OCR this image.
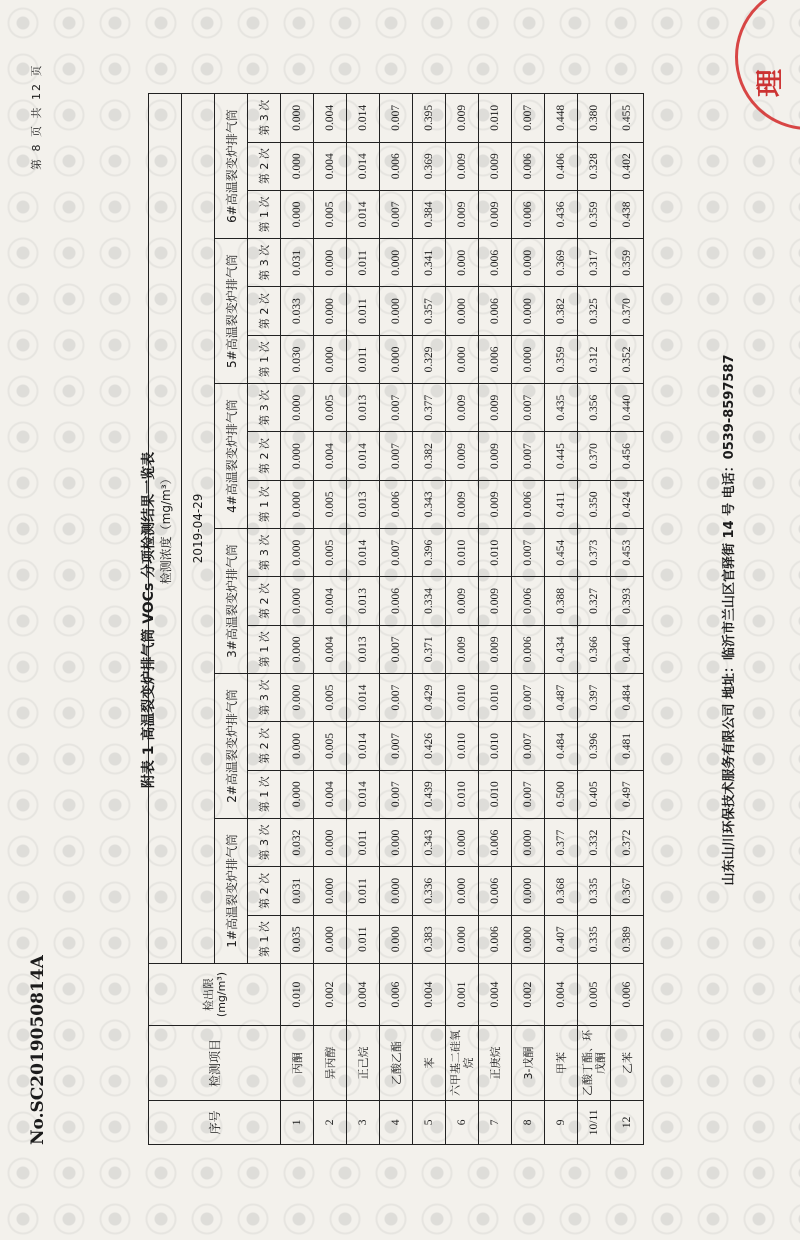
No.SC2019050814A
第 8 页 共 12 页
附表 1 高温裂变炉排气筒 VOCs 分项检测结果一览表
序号	检测项目	检出限 (mg/m³)	检测浓度（mg/m³）																	
			2019-04-29																	
			1#高温裂变炉排气筒			2#高温裂变炉排气筒			3#高温裂变炉排气筒			4#高温裂变炉排气筒			5#高温裂变炉排气筒			6#高温裂变炉排气筒		
			第 1 次	第 2 次	第 3 次	第 1 次	第 2 次	第 3 次	第 1 次	第 2 次	第 3 次	第 1 次	第 2 次	第 3 次	第 1 次	第 2 次	第 3 次	第 1 次	第 2 次	第 3 次
1	丙酮	0.010	0.035	0.031	0.032	0.000	0.000	0.000	0.000	0.000	0.000	0.000	0.000	0.000	0.030	0.033	0.031	0.000	0.000	0.000
2	异丙醇	0.002	0.000	0.000	0.000	0.004	0.005	0.005	0.004	0.004	0.005	0.005	0.004	0.005	0.000	0.000	0.000	0.005	0.004	0.004
3	正己烷	0.004	0.011	0.011	0.011	0.014	0.014	0.014	0.013	0.013	0.014	0.013	0.014	0.013	0.011	0.011	0.011	0.014	0.014	0.014
4	乙酸乙酯	0.006	0.000	0.000	0.000	0.007	0.007	0.007	0.007	0.006	0.007	0.006	0.007	0.007	0.000	0.000	0.000	0.007	0.006	0.007
5	苯	0.004	0.383	0.336	0.343	0.439	0.426	0.429	0.371	0.334	0.396	0.343	0.382	0.377	0.329	0.357	0.341	0.384	0.369	0.395
6	六甲基二硅氧烷	0.001	0.000	0.000	0.000	0.010	0.010	0.010	0.009	0.009	0.010	0.009	0.009	0.009	0.000	0.000	0.000	0.009	0.009	0.009
7	正庚烷	0.004	0.006	0.006	0.006	0.010	0.010	0.010	0.009	0.009	0.010	0.009	0.009	0.009	0.006	0.006	0.006	0.009	0.009	0.010
8	3-戊酮	0.002	0.000	0.000	0.000	0.007	0.007	0.007	0.006	0.006	0.007	0.006	0.007	0.007	0.000	0.000	0.000	0.006	0.006	0.007
9	甲苯	0.004	0.407	0.368	0.377	0.500	0.484	0.487	0.434	0.388	0.454	0.411	0.445	0.435	0.359	0.382	0.369	0.436	0.406	0.448
10/11	乙酸丁酯、环戊酮	0.005	0.335	0.335	0.332	0.405	0.396	0.397	0.366	0.327	0.373	0.350	0.370	0.356	0.312	0.325	0.317	0.359	0.328	0.380
12	乙苯	0.006	0.389	0.367	0.372	0.497	0.481	0.484	0.440	0.393	0.453	0.424	0.456	0.440	0.352	0.370	0.359	0.438	0.402	0.455
山东山川环保技术服务有限公司 地址：临沂市兰山区官驿街 14 号 电话：0539-8597587
理
